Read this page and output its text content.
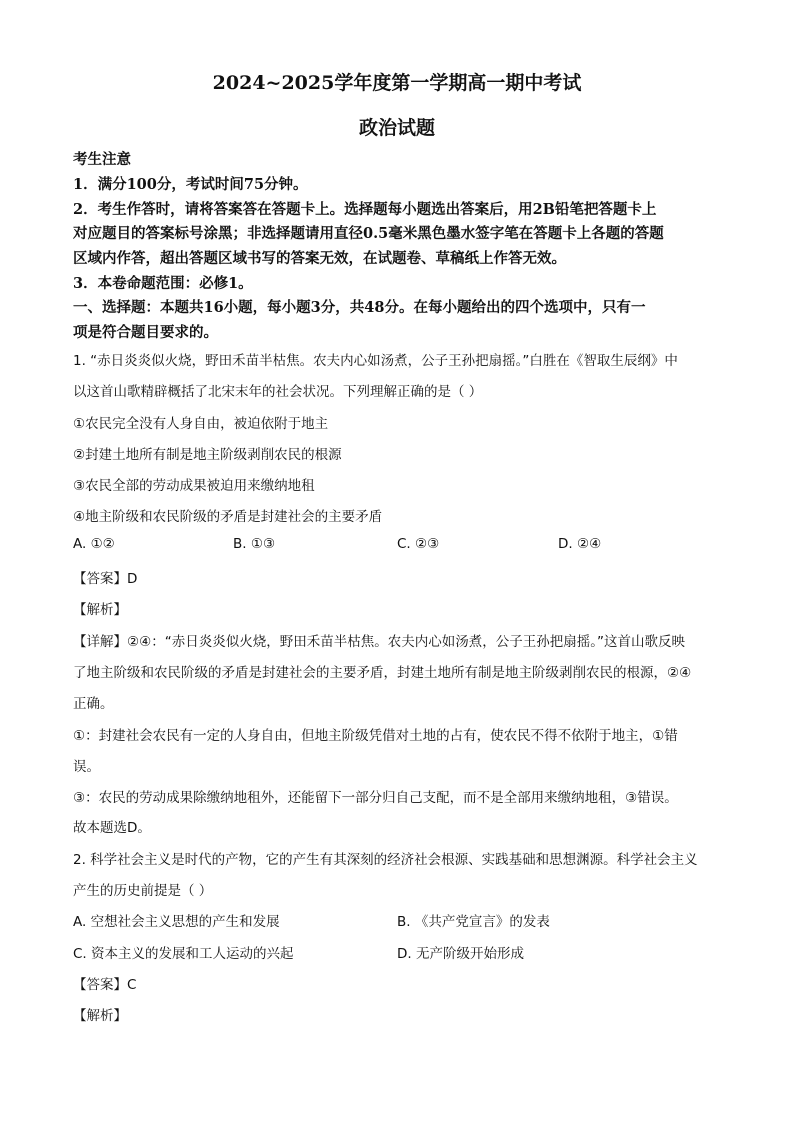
2024~2025学年度第一学期高一期中考试
政治试题
考生注意
1．满分100分，考试时间75分钟。
2．考生作答时，请将答案答在答题卡上。选择题每小题选出答案后，用2B铅笔把答题卡上
对应题目的答案标号涂黑；非选择题请用直径0.5毫米黑色墨水签字笔在答题卡上各题的答题
区域内作答，超出答题区域书写的答案无效，在试题卷、草稿纸上作答无效。
3．本卷命题范围：必修1。
一、选择题：本题共16小题，每小题3分，共48分。在每小题给出的四个选项中，只有一
项是符合题目要求的。
1. “赤日炎炎似火烧，野田禾苗半枯焦。农夫内心如汤煮，公子王孙把扇摇。”白胜在《智取生辰纲》中
以这首山歌精辟概括了北宋末年的社会状况。下列理解正确的是（ ）
①农民完全没有人身自由，被迫依附于地主
②封建土地所有制是地主阶级剥削农民的根源
③农民全部的劳动成果被迫用来缴纳地租
④地主阶级和农民阶级的矛盾是封建社会的主要矛盾
A. ①②	B. ①③	C. ②③	D. ②④
【答案】D
【解析】
【详解】②④：“赤日炎炎似火烧，野田禾苗半枯焦。农夫内心如汤煮，公子王孙把扇摇。”这首山歌反映
了地主阶级和农民阶级的矛盾是封建社会的主要矛盾，封建土地所有制是地主阶级剥削农民的根源，②④
正确。
①：封建社会农民有一定的人身自由，但地主阶级凭借对土地的占有，使农民不得不依附于地主，①错
误。
③：农民的劳动成果除缴纳地租外，还能留下一部分归自己支配，而不是全部用来缴纳地租，③错误。
故本题选D。
2. 科学社会主义是时代的产物，它的产生有其深刻的经济社会根源、实践基础和思想渊源。科学社会主义
产生的历史前提是（ ）
A. 空想社会主义思想的产生和发展	B. 《共产党宣言》的发表
C. 资本主义的发展和工人运动的兴起	D. 无产阶级开始形成
【答案】C
【解析】
